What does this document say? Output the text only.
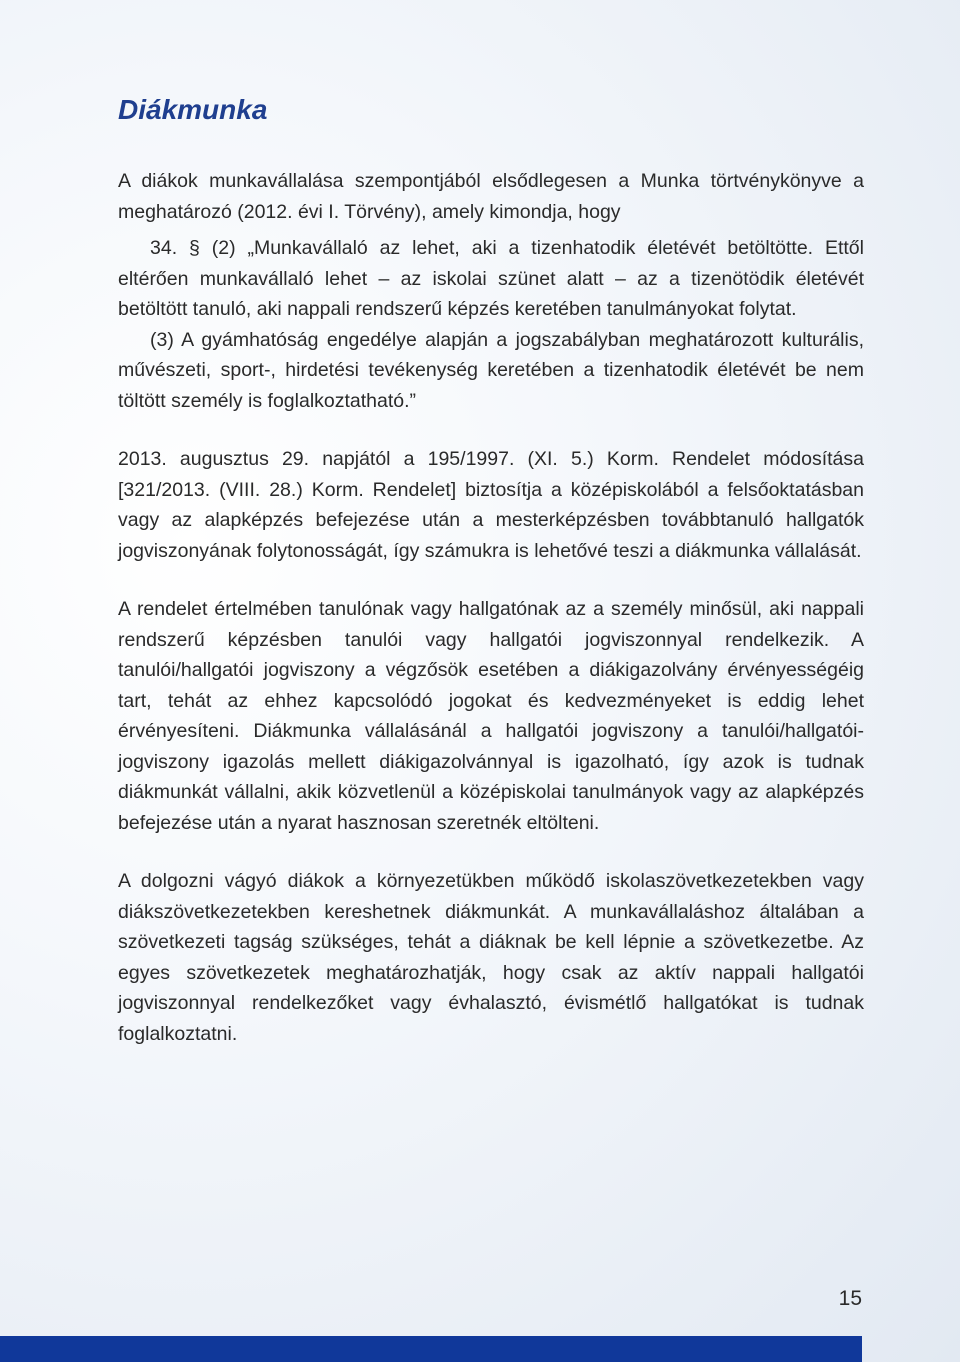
Diákmunka

A diákok munkavállalása szempontjából elsődlegesen a Munka törtvénykönyve a meghatározó (2012. évi I. Törvény), amely kimondja, hogy

34. § (2) „Munkavállaló az lehet, aki a tizenhatodik életévét betöltötte. Ettől eltérően munkavállaló lehet – az iskolai szünet alatt – az a tizenötödik életévét betöltött tanuló, aki nappali rendszerű képzés keretében tanulmányokat folytat.

(3) A gyámhatóság engedélye alapján a jogszabályban meghatározott kulturális, művészeti, sport-, hirdetési tevékenység keretében a tizenhatodik életévét be nem töltött személy is foglalkoztatható.”

2013. augusztus 29. napjától a 195/1997. (XI. 5.) Korm. Rendelet módosítása [321/2013. (VIII. 28.) Korm. Rendelet] biztosítja a középiskolából a felsőoktatásban vagy az alapképzés befejezése után a mesterképzésben továbbtanuló hallgatók jogviszonyának folytonosságát, így számukra is lehetővé teszi a diákmunka vállalását.

A rendelet értelmében tanulónak vagy hallgatónak az a személy minősül, aki nappali rendszerű képzésben tanulói vagy hallgatói jogviszonnyal rendelkezik. A tanulói/hallgatói jogviszony a végzősök esetében a diákigazolvány érvényességéig tart, tehát az ehhez kapcsolódó jogokat és kedvezményeket is eddig lehet érvényesíteni. Diákmunka vállalásánál a hallgatói jogviszony a tanulói/hallgatói-jogviszony igazolás mellett diákigazolvánnyal is igazolható, így azok is tudnak diákmunkát vállalni, akik közvetlenül a középiskolai tanulmányok vagy az alapképzés befejezése után a nyarat hasznosan szeretnék eltölteni.

A dolgozni vágyó diákok a környezetükben működő iskolaszövetkezetekben vagy diákszövetkezetekben kereshetnek diákmunkát. A munkavállaláshoz általában a szövetkezeti tagság szükséges, tehát a diáknak be kell lépnie a szövetkezetbe. Az egyes szövetkezetek meghatározhatják, hogy csak az aktív nappali hallgatói jogviszonnyal rendelkezőket vagy évhalasztó, évismétlő hallgatókat is tudnak foglalkoztatni.

15
